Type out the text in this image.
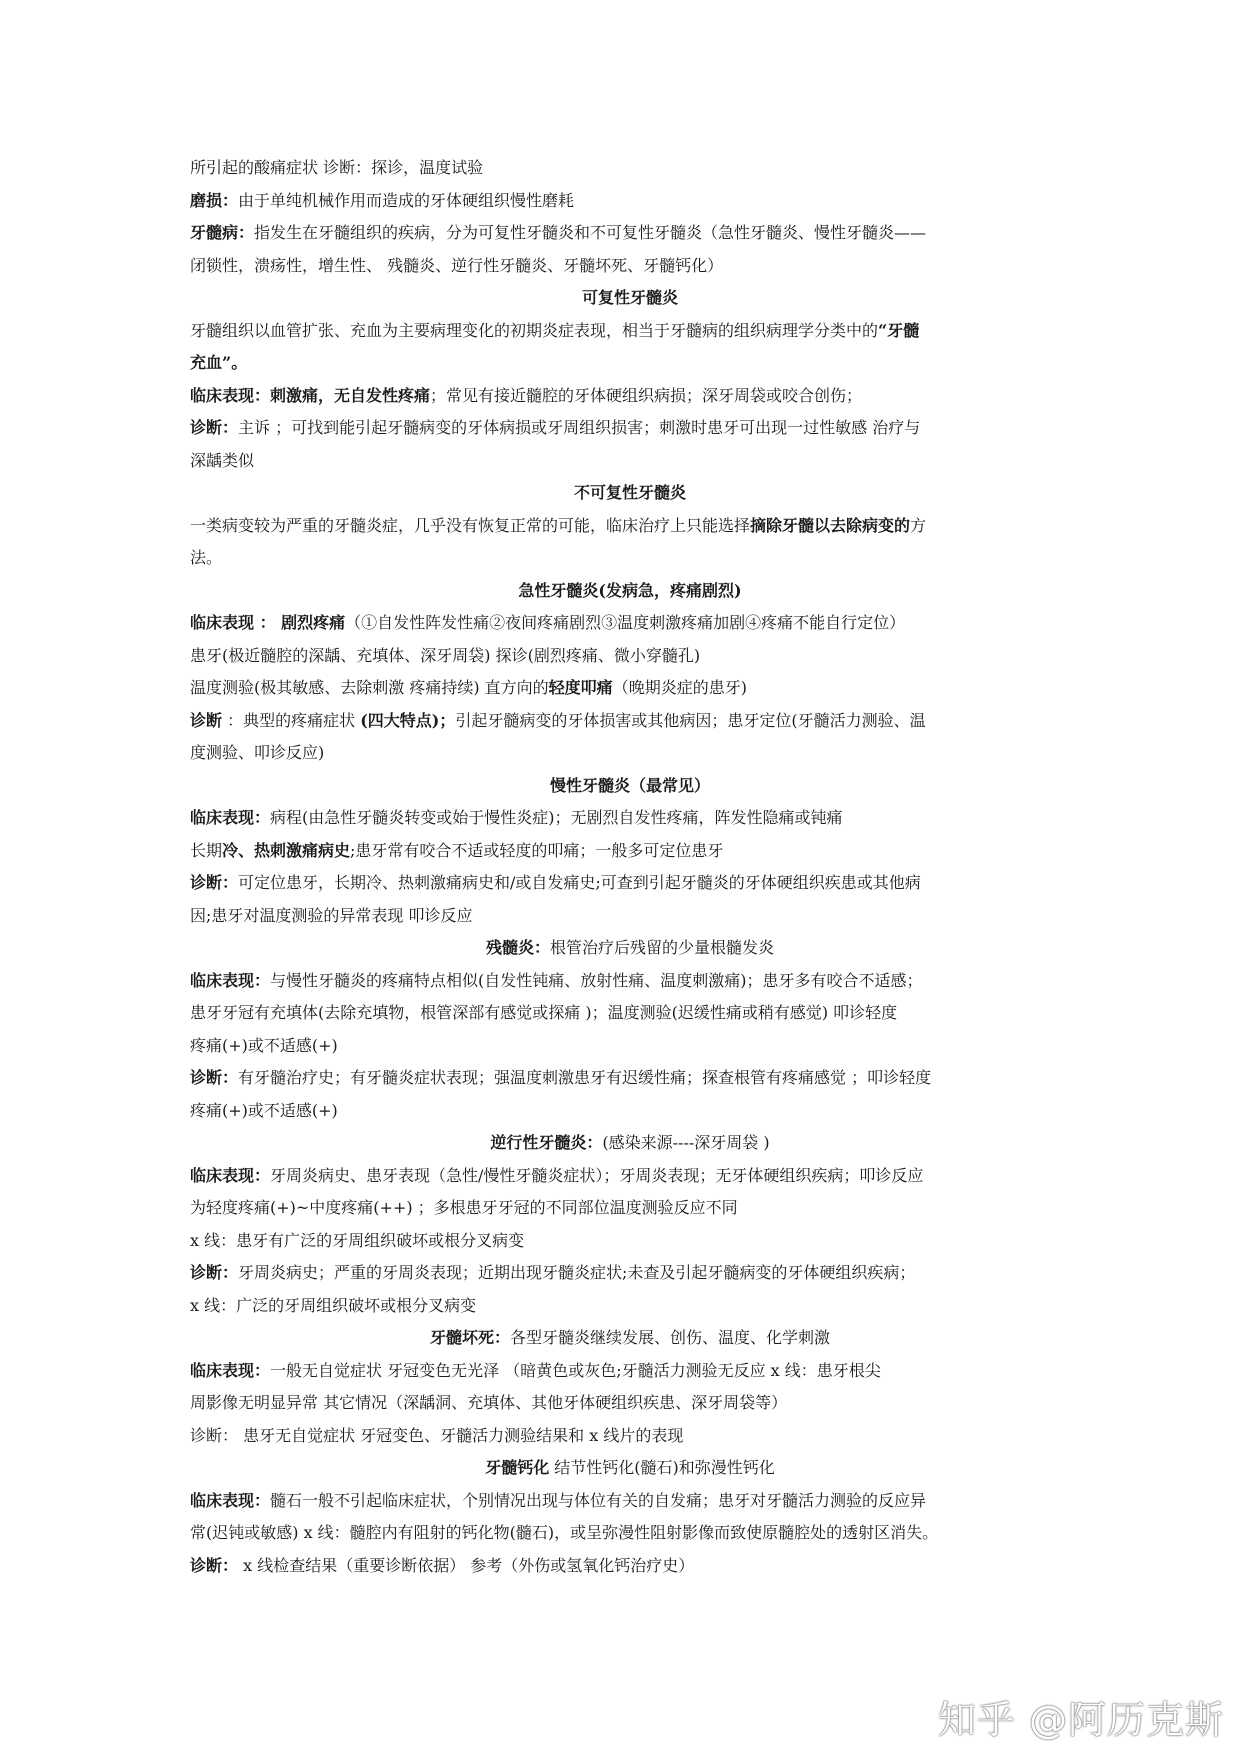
所引起的酸痛症状 诊断：探诊，温度试验
磨损：由于单纯机械作用而造成的牙体硬组织慢性磨耗
牙髓病：指发生在牙髓组织的疾病，分为可复性牙髓炎和不可复性牙髓炎（急性牙髓炎、慢性牙髓炎——
闭锁性，溃疡性，增生性、 残髓炎、逆行性牙髓炎、牙髓坏死、牙髓钙化）
可复性牙髓炎
牙髓组织以血管扩张、充血为主要病理变化的初期炎症表现，相当于牙髓病的组织病理学分类中的“牙髓
充血”。
临床表现：刺激痛，无自发性疼痛；常见有接近髓腔的牙体硬组织病损；深牙周袋或咬合创伤；
诊断：主诉 ；可找到能引起牙髓病变的牙体病损或牙周组织损害；刺激时患牙可出现一过性敏感 治疗与
深龋类似
不可复性牙髓炎
一类病变较为严重的牙髓炎症，几乎没有恢复正常的可能，临床治疗上只能选择摘除牙髓以去除病变的方
法。
急性牙髓炎(发病急，疼痛剧烈)
临床表现 ： 剧烈疼痛（①自发性阵发性痛②夜间疼痛剧烈③温度刺激疼痛加剧④疼痛不能自行定位）
患牙(极近髓腔的深龋、充填体、深牙周袋) 探诊(剧烈疼痛、微小穿髓孔)
温度测验(极其敏感、去除刺激 疼痛持续) 直方向的轻度叩痛（晚期炎症的患牙)
诊断 ：典型的疼痛症状 (四大特点)；引起牙髓病变的牙体损害或其他病因；患牙定位(牙髓活力测验、温
度测验、叩诊反应)
慢性牙髓炎（最常见）
临床表现：病程(由急性牙髓炎转变或始于慢性炎症)；无剧烈自发性疼痛，阵发性隐痛或钝痛
长期冷、热刺激痛病史;患牙常有咬合不适或轻度的叩痛；一般多可定位患牙
诊断：可定位患牙，长期冷、热刺激痛病史和/或自发痛史;可查到引起牙髓炎的牙体硬组织疾患或其他病
因;患牙对温度测验的异常表现 叩诊反应
残髓炎：根管治疗后残留的少量根髓发炎
临床表现：与慢性牙髓炎的疼痛特点相似(自发性钝痛、放射性痛、温度刺激痛)；患牙多有咬合不适感；
患牙牙冠有充填体(去除充填物，根管深部有感觉或探痛 )；温度测验(迟缓性痛或稍有感觉) 叩诊轻度
疼痛(+)或不适感(+)
诊断：有牙髓治疗史；有牙髓炎症状表现；强温度刺激患牙有迟缓性痛；探查根管有疼痛感觉 ；叩诊轻度
疼痛(+)或不适感(+)
逆行性牙髓炎：(感染来源----深牙周袋 )
临床表现：牙周炎病史、患牙表现（急性/慢性牙髓炎症状）；牙周炎表现；无牙体硬组织疾病；叩诊反应
为轻度疼痛(+)~中度疼痛(++) ；多根患牙牙冠的不同部位温度测验反应不同
x 线：患牙有广泛的牙周组织破坏或根分叉病变
诊断：牙周炎病史；严重的牙周炎表现；近期出现牙髓炎症状;未查及引起牙髓病变的牙体硬组织疾病；
x 线：广泛的牙周组织破坏或根分叉病变
牙髓坏死：各型牙髓炎继续发展、创伤、温度、化学刺激
临床表现：一般无自觉症状 牙冠变色无光泽 （暗黄色或灰色;牙髓活力测验无反应 x 线：患牙根尖
周影像无明显异常 其它情况（深龋洞、充填体、其他牙体硬组织疾患、深牙周袋等）
诊断： 患牙无自觉症状 牙冠变色、牙髓活力测验结果和 x 线片的表现
牙髓钙化 结节性钙化(髓石)和弥漫性钙化
临床表现：髓石一般不引起临床症状，个别情况出现与体位有关的自发痛；患牙对牙髓活力测验的反应异
常(迟钝或敏感) x 线：髓腔内有阻射的钙化物(髓石)，或呈弥漫性阻射影像而致使原髓腔处的透射区消失。
诊断： x 线检查结果（重要诊断依据） 参考（外伤或氢氧化钙治疗史）
知乎 @阿历克斯
